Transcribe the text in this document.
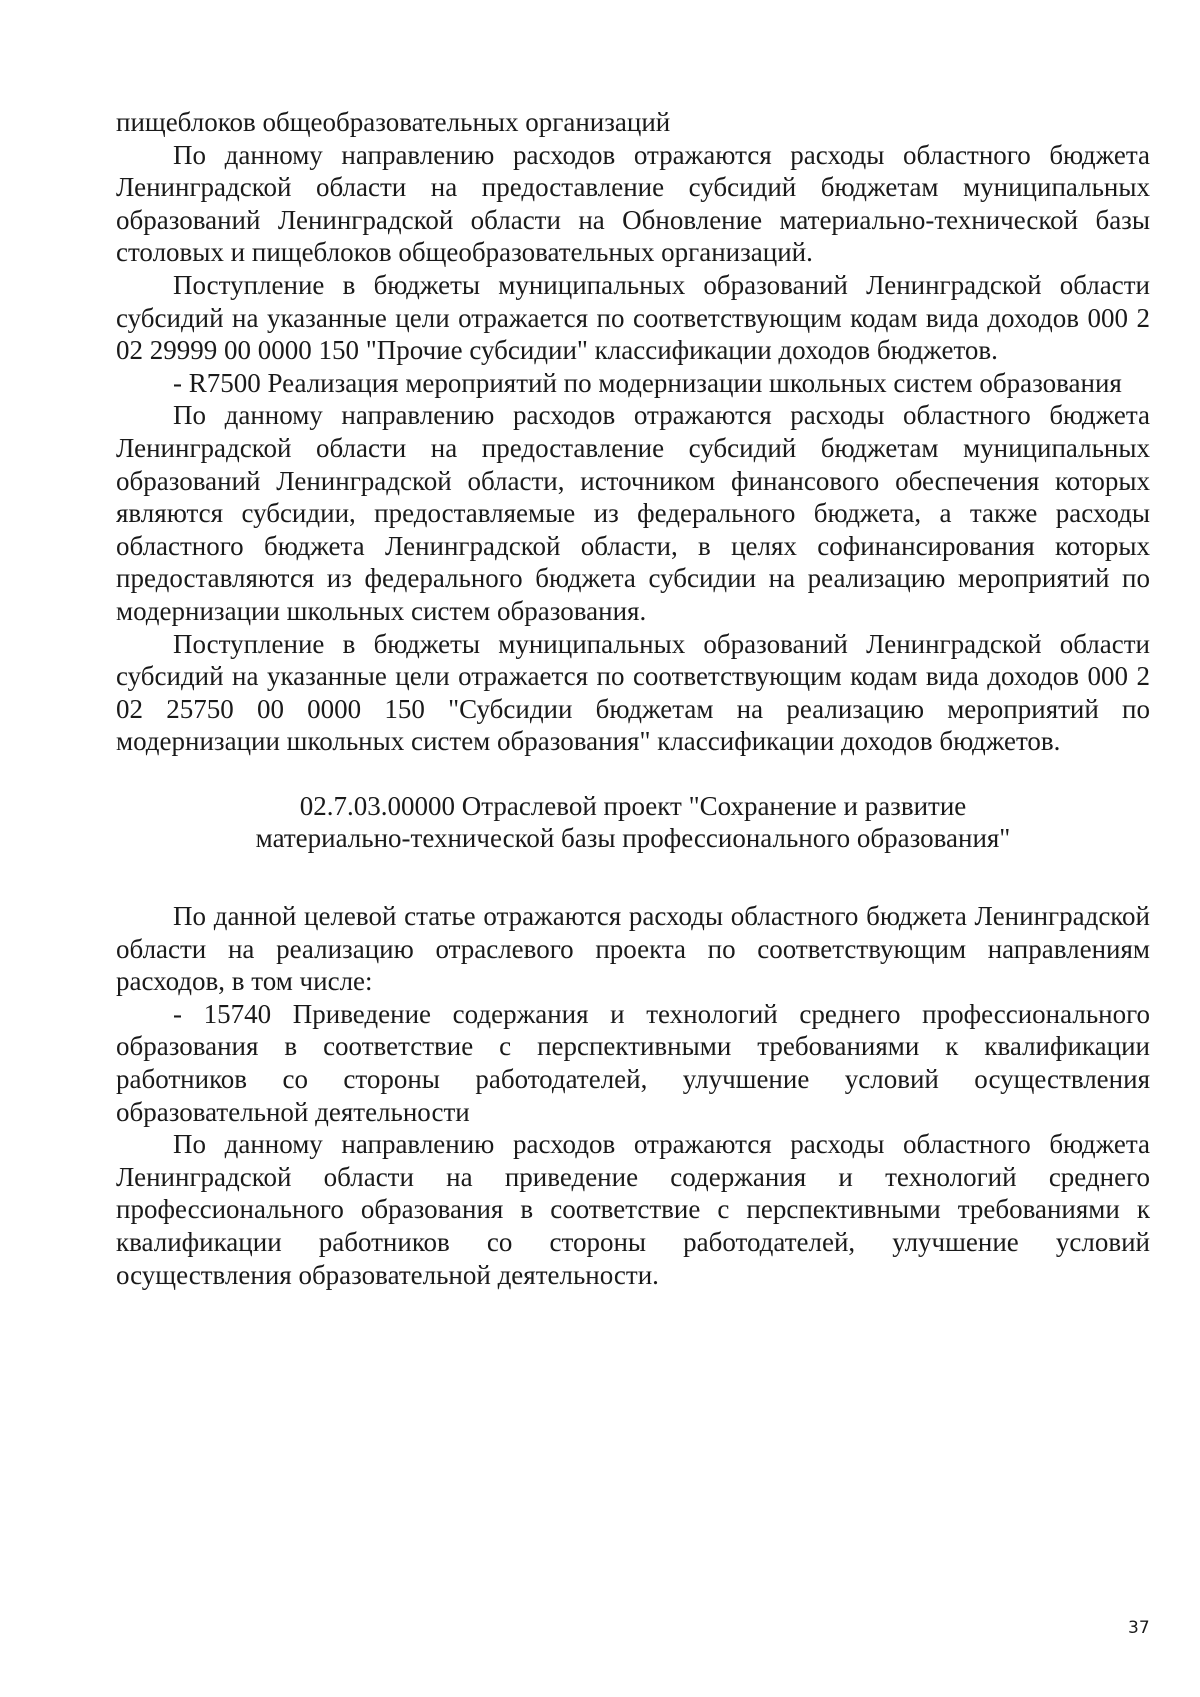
пищеблоков общеобразовательных организаций

По данному направлению расходов отражаются расходы областного бюджета Ленинградской области на предоставление субсидий бюджетам муниципальных образований Ленинградской области на Обновление материально-технической базы столовых и пищеблоков общеобразовательных организаций.

Поступление в бюджеты муниципальных образований Ленинградской области субсидий на указанные цели отражается по соответствующим кодам вида доходов 000 2 02 29999 00 0000 150 "Прочие субсидии" классификации доходов бюджетов.

- R7500 Реализация мероприятий по модернизации школьных систем образования

По данному направлению расходов отражаются расходы областного бюджета Ленинградской области на предоставление субсидий бюджетам муниципальных образований Ленинградской области, источником финансового обеспечения которых являются субсидии, предоставляемые из федерального бюджета, а также расходы областного бюджета Ленинградской области, в целях софинансирования которых предоставляются из федерального бюджета субсидии на реализацию мероприятий по модернизации школьных систем образования.

Поступление в бюджеты муниципальных образований Ленинградской области субсидий на указанные цели отражается по соответствующим кодам вида доходов 000 2 02 25750 00 0000 150 "Субсидии бюджетам на реализацию мероприятий по модернизации школьных систем образования" классификации доходов бюджетов.

02.7.03.00000 Отраслевой проект "Сохранение и развитие
материально-технической базы профессионального образования"

По данной целевой статье отражаются расходы областного бюджета Ленинградской области на реализацию отраслевого проекта по соответствующим направлениям расходов, в том числе:

- 15740 Приведение содержания и технологий среднего профессионального образования в соответствие с перспективными требованиями к квалификации работников со стороны работодателей, улучшение условий осуществления образовательной деятельности

По данному направлению расходов отражаются расходы областного бюджета Ленинградской области на приведение содержания и технологий среднего профессионального образования в соответствие с перспективными требованиями к квалификации работников со стороны работодателей, улучшение условий осуществления образовательной деятельности.

37
